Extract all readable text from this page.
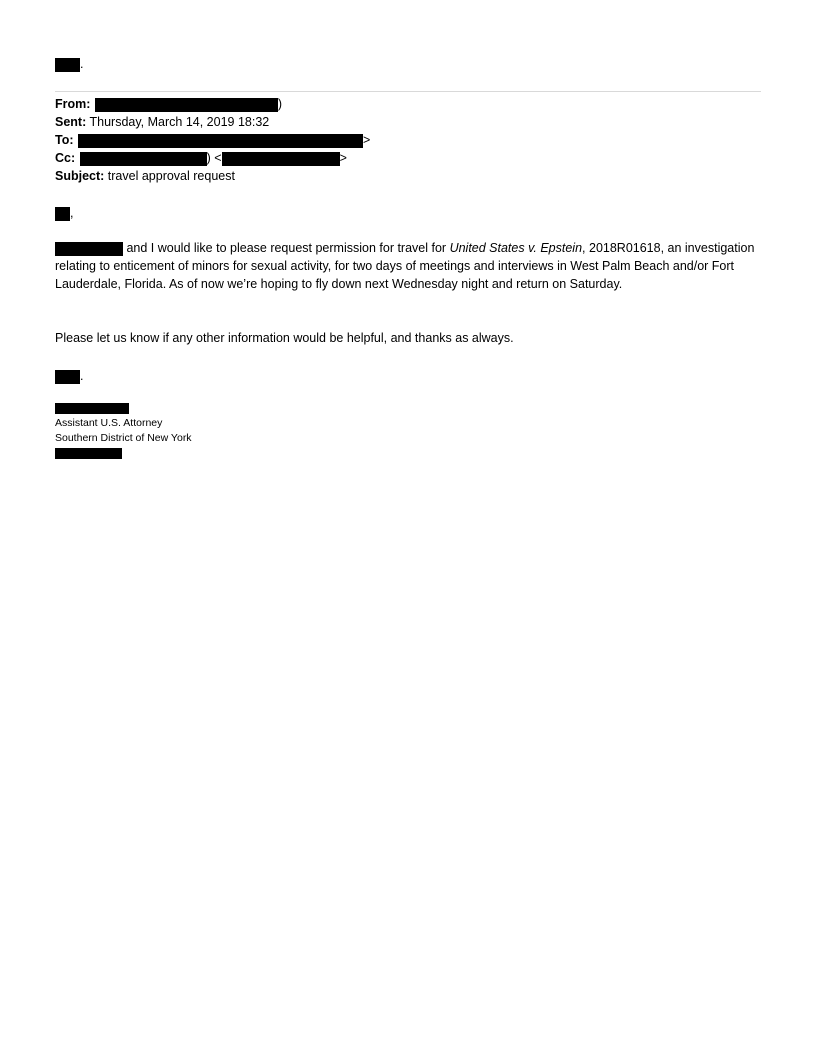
.
From:	)
Sent: Thursday, March 14, 2019 18:32
To:	>
Cc:	) <	>
Subject: travel approval request
,
and I would like to please request permission for travel for United States v. Epstein, 2018R01618, an investigation relating to enticement of minors for sexual activity, for two days of meetings and interviews in West Palm Beach and/or Fort Lauderdale, Florida. As of now we’re hoping to fly down next Wednesday night and return on Saturday.
Please let us know if any other information would be helpful, and thanks as always.
.
Assistant U.S. Attorney
Southern District of New York
